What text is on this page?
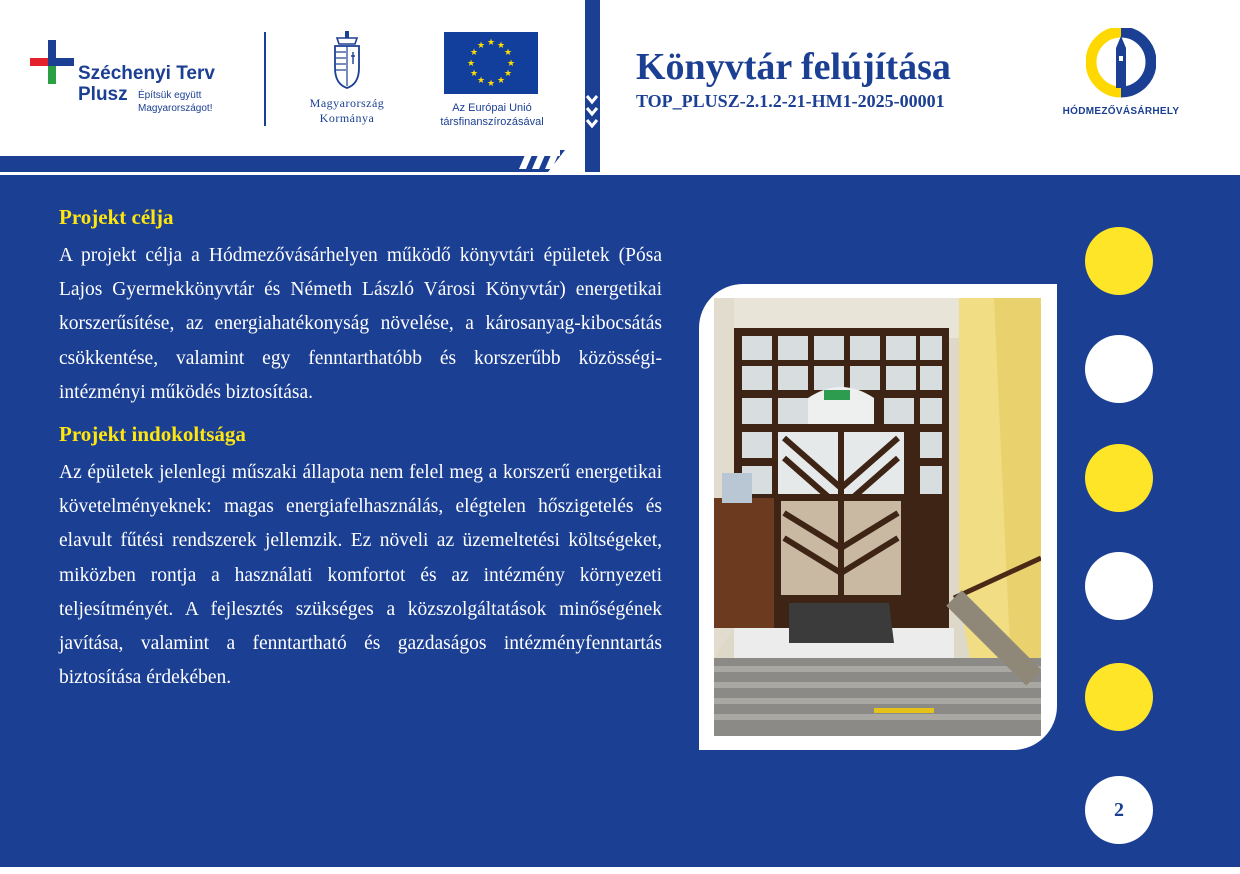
Széchenyi Terv
Plusz Építsük együtt Magyarországot!	Magyarország Kormánya
★ ★
★
★
★
★
★
★
★
★
★
★
Az Európai Unió társfinanszírozásával
Könyvtár felújítása

TOP_PLUSZ-2.1.2-21-HM1-2025-00001

HÓDMEZŐVÁSÁRHELY
Projekt célja

A projekt célja a Hódmezővásárhelyen működő könyvtári épületek (Pósa Lajos Gyermekkönyvtár és Németh László Városi Könyvtár) energetikai korszerűsítése, az energiahatékonyság növelése, a károsanyag-kibocsátás csökkentése, valamint egy fenntarthatóbb és korszerűbb közösségi-intézményi működés biztosítása.

Projekt indokoltsága

Az épületek jelenlegi műszaki állapota nem felel meg a korszerű energetikai követelményeknek: magas energiafelhasználás, elégtelen hőszigetelés és elavult fűtési rendszerek jellemzik. Ez növeli az üzemeltetési költségeket, miközben rontja a használati komfortot és az intézmény környezeti teljesítményét. A fejlesztés szükséges a közszolgáltatások minőségének javítása, valamint a fenntartható és gazdaságos intézményfenntartás biztosítása érdekében.

2
